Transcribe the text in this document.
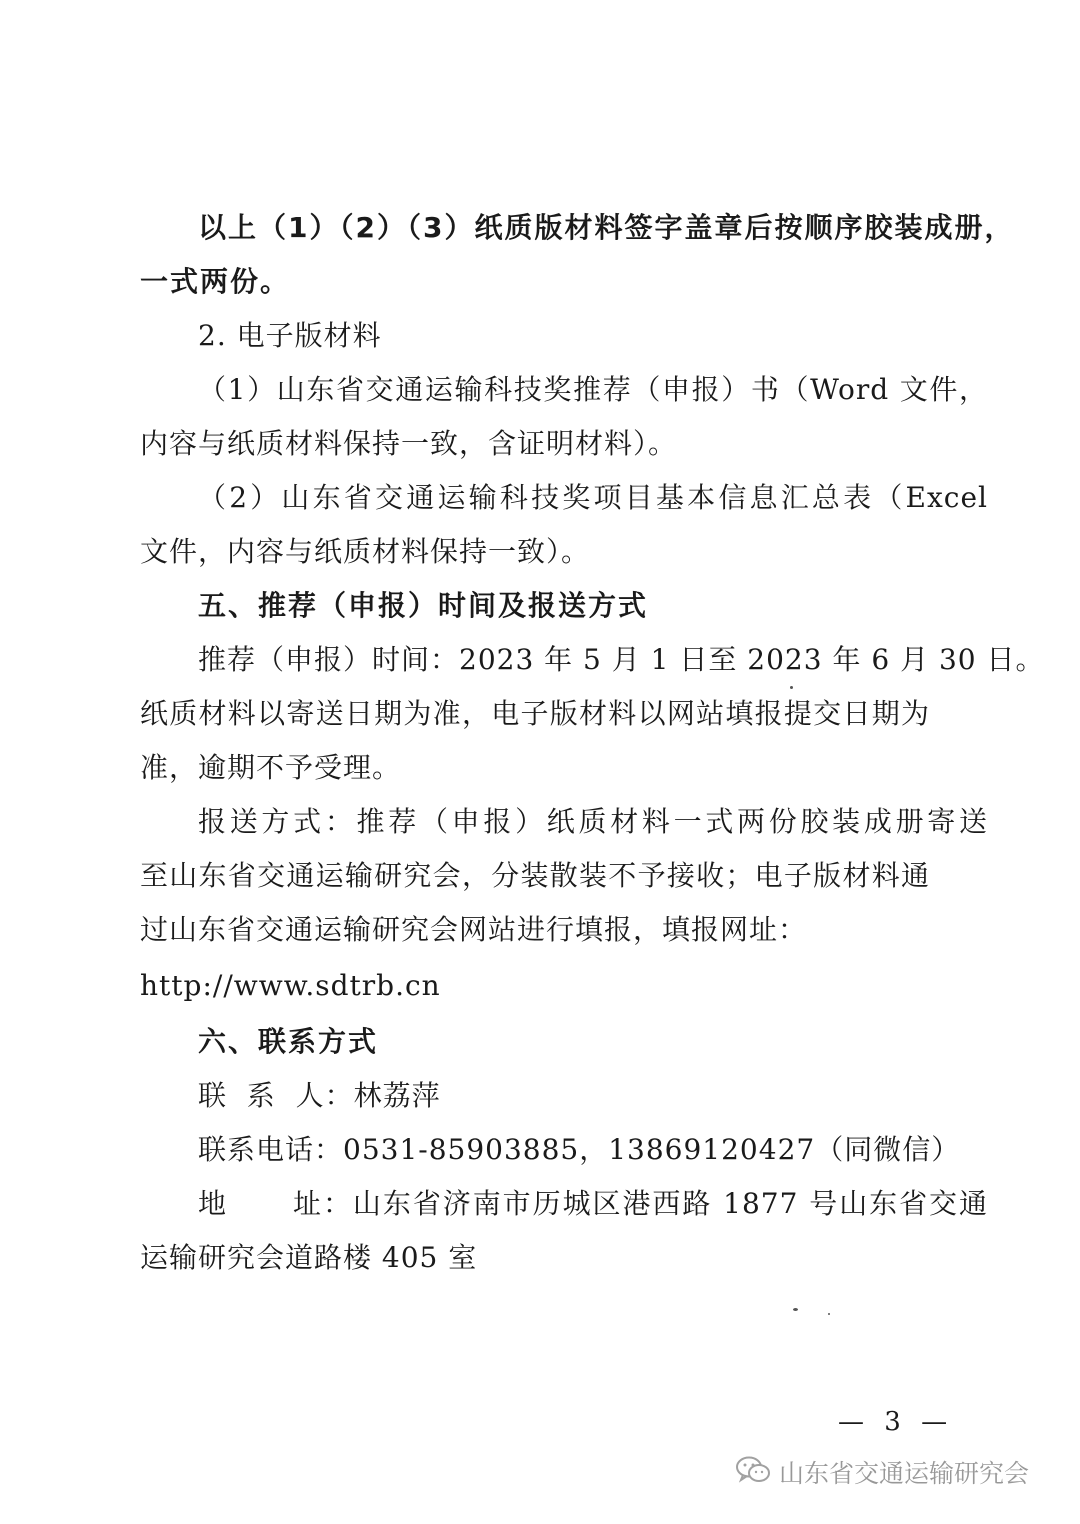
以上（1）（2）（3）纸质版材料签字盖章后按顺序胶装成册，
一式两份。
2. 电子版材料
（1）山东省交通运输科技奖推荐（申报）书（Word 文件，
内容与纸质材料保持一致，含证明材料）。
（2）山东省交通运输科技奖项目基本信息汇总表（Excel
文件，内容与纸质材料保持一致）。
五、推荐（申报）时间及报送方式
推荐（申报）时间：2023 年 5 月 1 日至 2023 年 6 月 30 日。
纸质材料以寄送日期为准，电子版材料以网站填报提交日期为
准，逾期不予受理。
报送方式：推荐（申报）纸质材料一式两份胶装成册寄送
至山东省交通运输研究会，分装散装不予接收；电子版材料通
过山东省交通运输研究会网站进行填报，填报网址：
http://www.sdtrb.cn
六、联系方式
联  系  人：林荔萍
联系电话：0531-85903885，13869120427（同微信）
地      址：山东省济南市历城区港西路 1877 号山东省交通
运输研究会道路楼 405 室
— 3 —
山东省交通运输研究会
